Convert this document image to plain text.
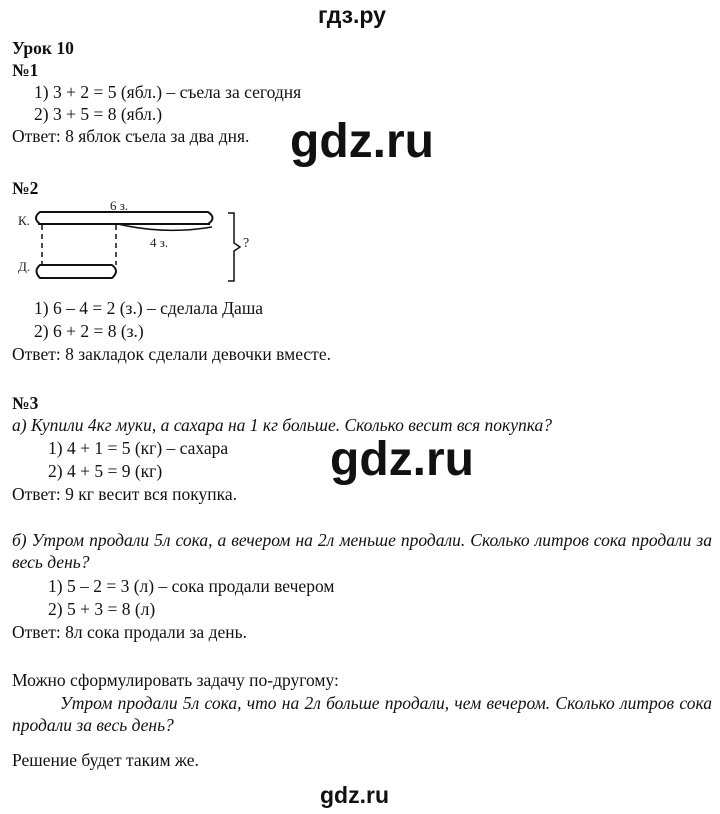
гдз.ру
Урок 10
№1
1) 3 + 2 = 5 (ябл.) – съела за сегодня
2) 3 + 5 = 8 (ябл.)
Ответ: 8 яблок съела за два дня. gdz.ru
№2
К.
Д.
6 з.
4 з.	?
1) 6 – 4 = 2 (з.) – сделала Даша
2) 6 + 2 = 8 (з.)
Ответ: 8 закладок сделали девочки вместе.
№3
а) Купили 4кг муки, а сахара на 1 кг больше. Сколько весит вся покупка?
1) 4 + 1 = 5 (кг) – сахара
2) 4 + 5 = 9 (кг)
Ответ: 9 кг весит вся покупка.
gdz.ru
б) Утром продали 5л сока, а вечером на 2л меньше продали. Сколько литров сока продали за весь день?
1) 5 – 2 = 3 (л) – сока продали вечером
2) 5 + 3 = 8 (л)
Ответ: 8л сока продали за день.
Можно сформулировать задачу по-другому:
Утром продали 5л сока, что на 2л больше продали, чем вечером. Сколько литров сока продали за весь день?
Решение будет таким же.
gdz.ru
